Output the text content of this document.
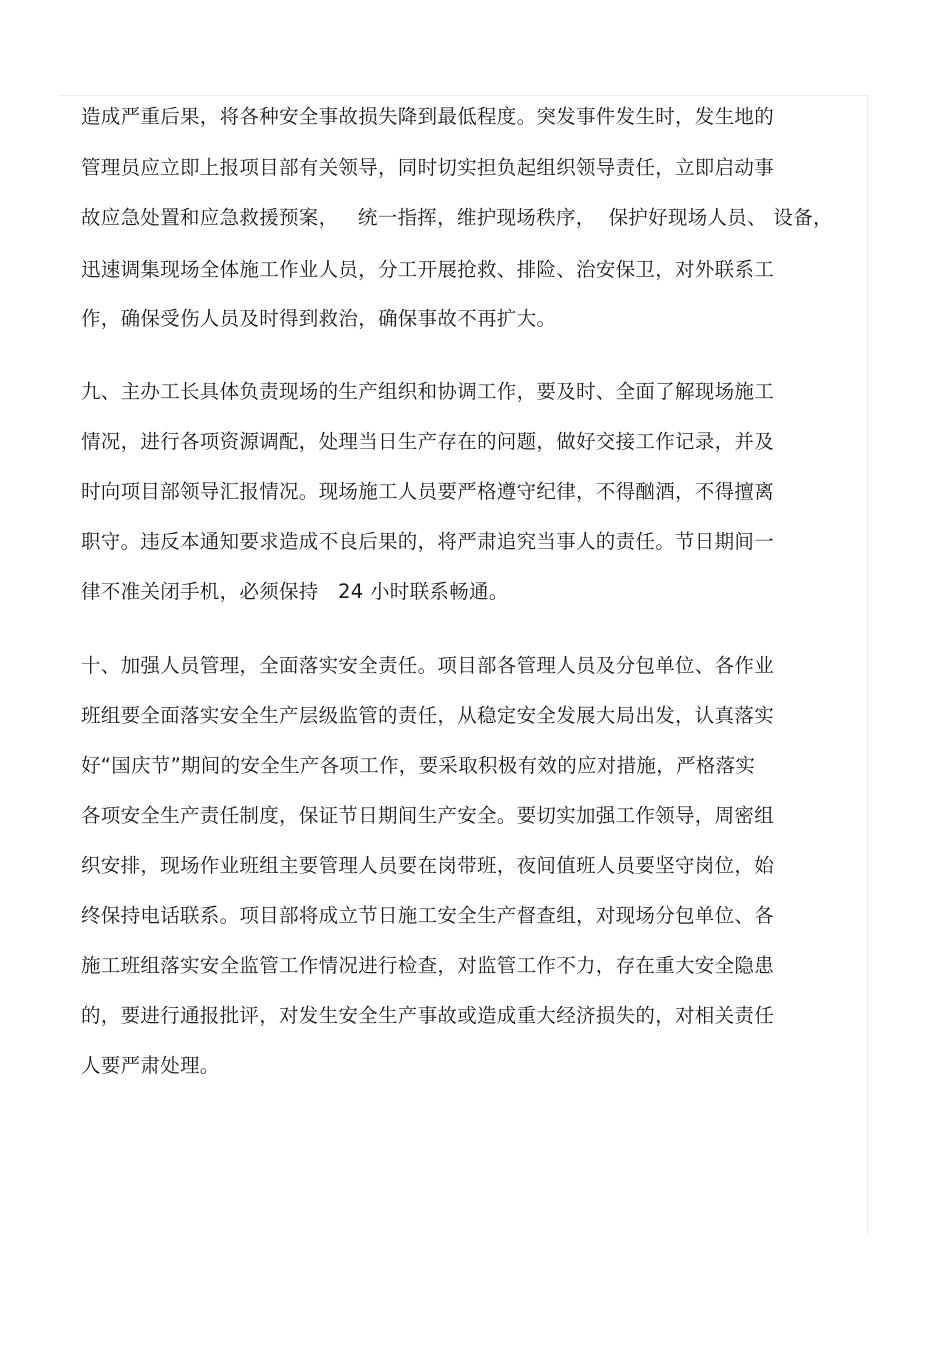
造成严重后果，将各种安全事故损失降到最低程度。突发事件发生时，发生地的
管理员应立即上报项目部有关领导，同时切实担负起组织领导责任，立即启动事
故应急处置和应急救援预案，   统一指挥，维护现场秩序，  保护好现场人员、 设备，
迅速调集现场全体施工作业人员，分工开展抢救、排险、治安保卫，对外联系工
作，确保受伤人员及时得到救治，确保事故不再扩大。
九、主办工长具体负责现场的生产组织和协调工作，要及时、全面了解现场施工
情况，进行各项资源调配，处理当日生产存在的问题，做好交接工作记录，并及
时向项目部领导汇报情况。现场施工人员要严格遵守纪律，不得酗酒，不得擅离
职守。违反本通知要求造成不良后果的，将严肃追究当事人的责任。节日期间一
律不准关闭手机，必须保持   24 小时联系畅通。
十、加强人员管理，全面落实安全责任。项目部各管理人员及分包单位、各作业
班组要全面落实安全生产层级监管的责任，从稳定安全发展大局出发，认真落实
好“国庆节”期间的安全生产各项工作，要采取积极有效的应对措施，严格落实
各项安全生产责任制度，保证节日期间生产安全。要切实加强工作领导，周密组
织安排，现场作业班组主要管理人员要在岗带班，夜间值班人员要坚守岗位，始
终保持电话联系。项目部将成立节日施工安全生产督查组，对现场分包单位、各
施工班组落实安全监管工作情况进行检查，对监管工作不力，存在重大安全隐患
的，要进行通报批评，对发生安全生产事故或造成重大经济损失的，对相关责任
人要严肃处理。
